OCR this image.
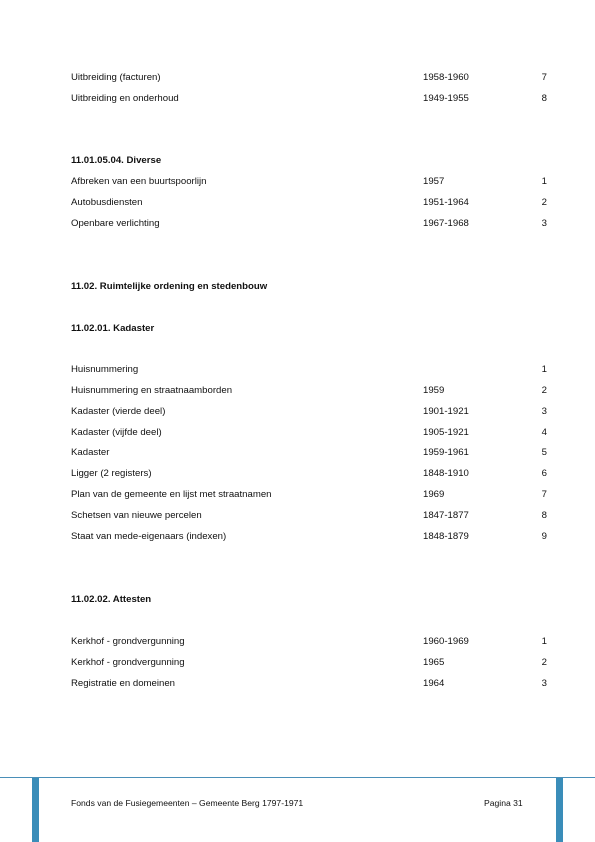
Uitbreiding (facturen)	1958-1960	7
Uitbreiding en onderhoud	1949-1955	8
11.01.05.04. Diverse
Afbreken van een buurtspoorlijn	1957	1
Autobusdiensten	1951-1964	2
Openbare verlichting	1967-1968	3
11.02. Ruimtelijke ordening en stedenbouw
11.02.01. Kadaster
Huisnummering	1
Huisnummering en straatnaamborden	1959	2
Kadaster (vierde deel)	1901-1921	3
Kadaster (vijfde deel)	1905-1921	4
Kadaster	1959-1961	5
Ligger (2 registers)	1848-1910	6
Plan van de gemeente en lijst met straatnamen	1969	7
Schetsen van nieuwe percelen	1847-1877	8
Staat van mede-eigenaars (indexen)	1848-1879	9
11.02.02. Attesten
Kerkhof - grondvergunning	1960-1969	1
Kerkhof - grondvergunning	1965	2
Registratie en domeinen	1964	3
Fonds van de Fusiegemeenten – Gemeente Berg 1797-1971	Pagina 31
